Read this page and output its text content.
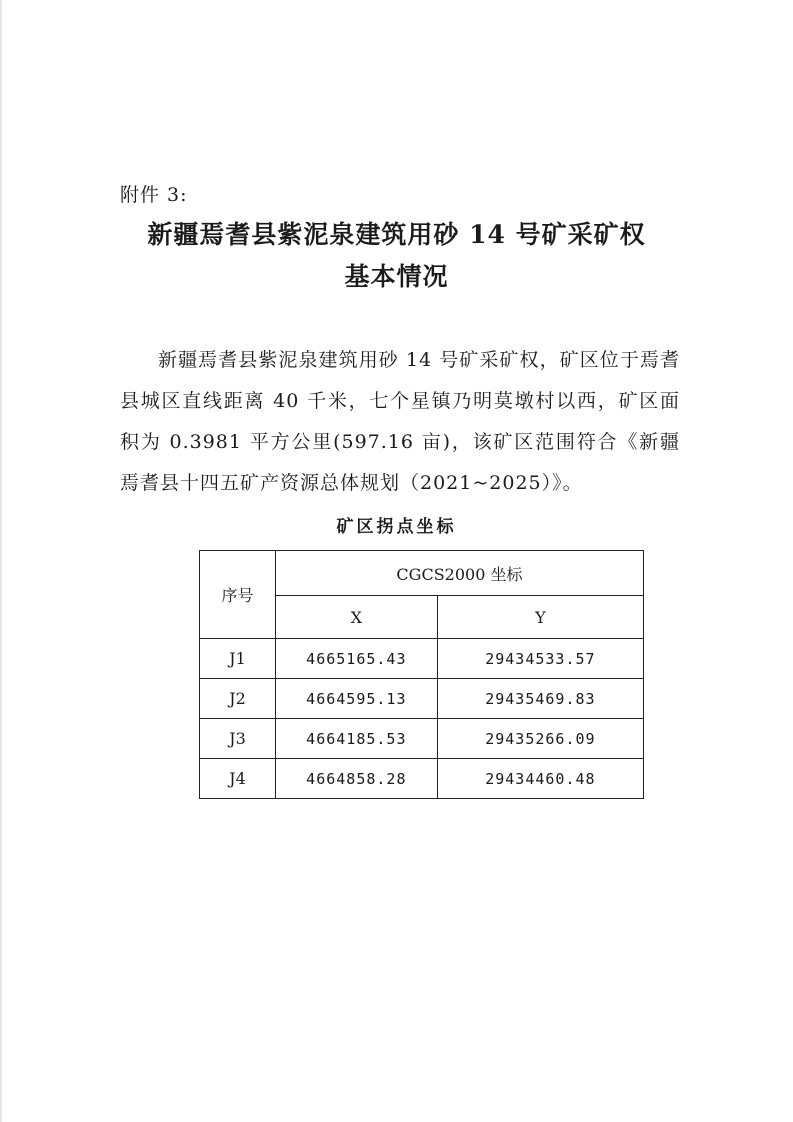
附件 3:
新疆焉耆县紫泥泉建筑用砂 14 号矿采矿权
基本情况
新疆焉耆县紫泥泉建筑用砂 14 号矿采矿权，矿区位于焉耆县城区直线距离 40 千米，七个星镇乃明莫墩村以西，矿区面积为 0.3981 平方公里(597.16 亩)，该矿区范围符合《新疆焉耆县十四五矿产资源总体规划（2021~2025）》。
矿区拐点坐标
序号	CGCS2000 坐标	
	X	Y
J1	4665165.43	29434533.57
J2	4664595.13	29435469.83
J3	4664185.53	29435266.09
J4	4664858.28	29434460.48
